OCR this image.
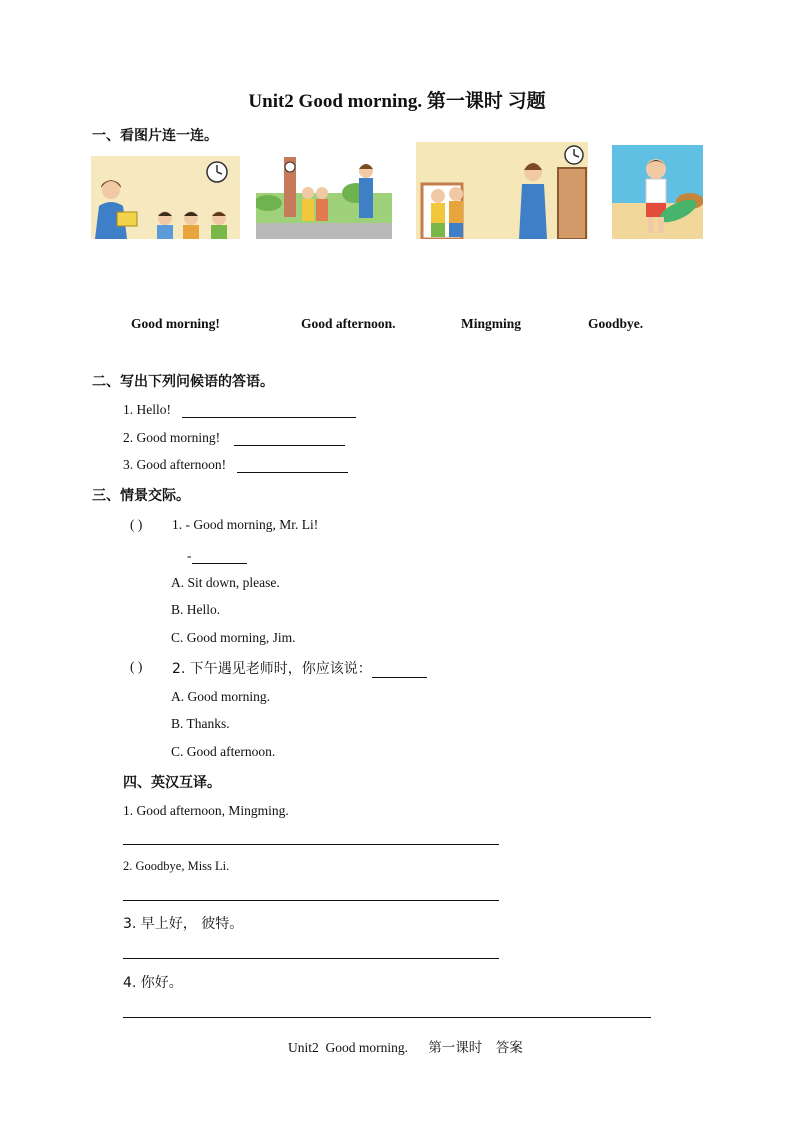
Unit2 Good morning. 第一课时 习题
一、看图片连一连。
Good morning!	Good afternoon.	Mingming	Goodbye.
二、写出下列问候语的答语。
1. Hello!
2. Good morning!
3. Good afternoon!
三、情景交际。
( ) 1. - Good morning, Mr. Li!
-
A. Sit down, please.
B. Hello.
C. Good morning, Jim.
( ) 2. 下午遇见老师时，你应该说：
A. Good morning.
B. Thanks.
C. Good afternoon.
四、英汉互译。
1. Good afternoon, Mingming.
2. Goodbye, Miss Li.
3. 早上好， 彼特。
4. 你好。
Unit2  Good morning.      第一课时    答案
